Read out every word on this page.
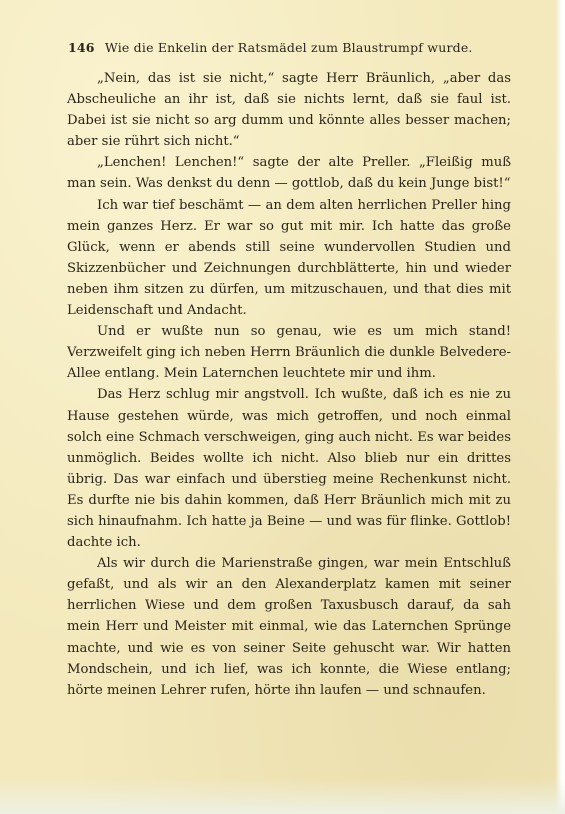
146 Wie die Enkelin der Ratsmädel zum Blaustrumpf wurde.

„Nein, das ist sie nicht,“ sagte Herr Bräunlich, „aber das Abscheuliche an ihr ist, daß sie nichts lernt, daß sie faul ist. Dabei ist sie nicht so arg dumm und könnte alles besser machen; aber sie rührt sich nicht.“

„Lenchen! Lenchen!“ sagte der alte Preller. „Fleißig muß man sein. Was denkst du denn — gottlob, daß du kein Junge bist!“

Ich war tief beschämt — an dem alten herrlichen Preller hing mein ganzes Herz. Er war so gut mit mir. Ich hatte das große Glück, wenn er abends still seine wundervollen Studien und Skizzenbücher und Zeichnungen durchblätterte, hin und wieder neben ihm sitzen zu dürfen, um mitzuschauen, und that dies mit Leidenschaft und Andacht.

Und er wußte nun so genau, wie es um mich stand! Verzweifelt ging ich neben Herrn Bräunlich die dunkle Belvedere-Allee entlang. Mein Laternchen leuchtete mir und ihm.

Das Herz schlug mir angstvoll. Ich wußte, daß ich es nie zu Hause gestehen würde, was mich getroffen, und noch einmal solch eine Schmach verschweigen, ging auch nicht. Es war beides unmöglich. Beides wollte ich nicht. Also blieb nur ein drittes übrig. Das war einfach und überstieg meine Rechenkunst nicht. Es durfte nie bis dahin kommen, daß Herr Bräunlich mich mit zu sich hinaufnahm. Ich hatte ja Beine — und was für flinke. Gottlob! dachte ich.

Als wir durch die Marienstraße gingen, war mein Entschluß gefaßt, und als wir an den Alexanderplatz kamen mit seiner herrlichen Wiese und dem großen Taxusbusch darauf, da sah mein Herr und Meister mit einmal, wie das Laternchen Sprünge machte, und wie es von seiner Seite gehuscht war. Wir hatten Mondschein, und ich lief, was ich konnte, die Wiese entlang; hörte meinen Lehrer rufen, hörte ihn laufen — und schnaufen.
